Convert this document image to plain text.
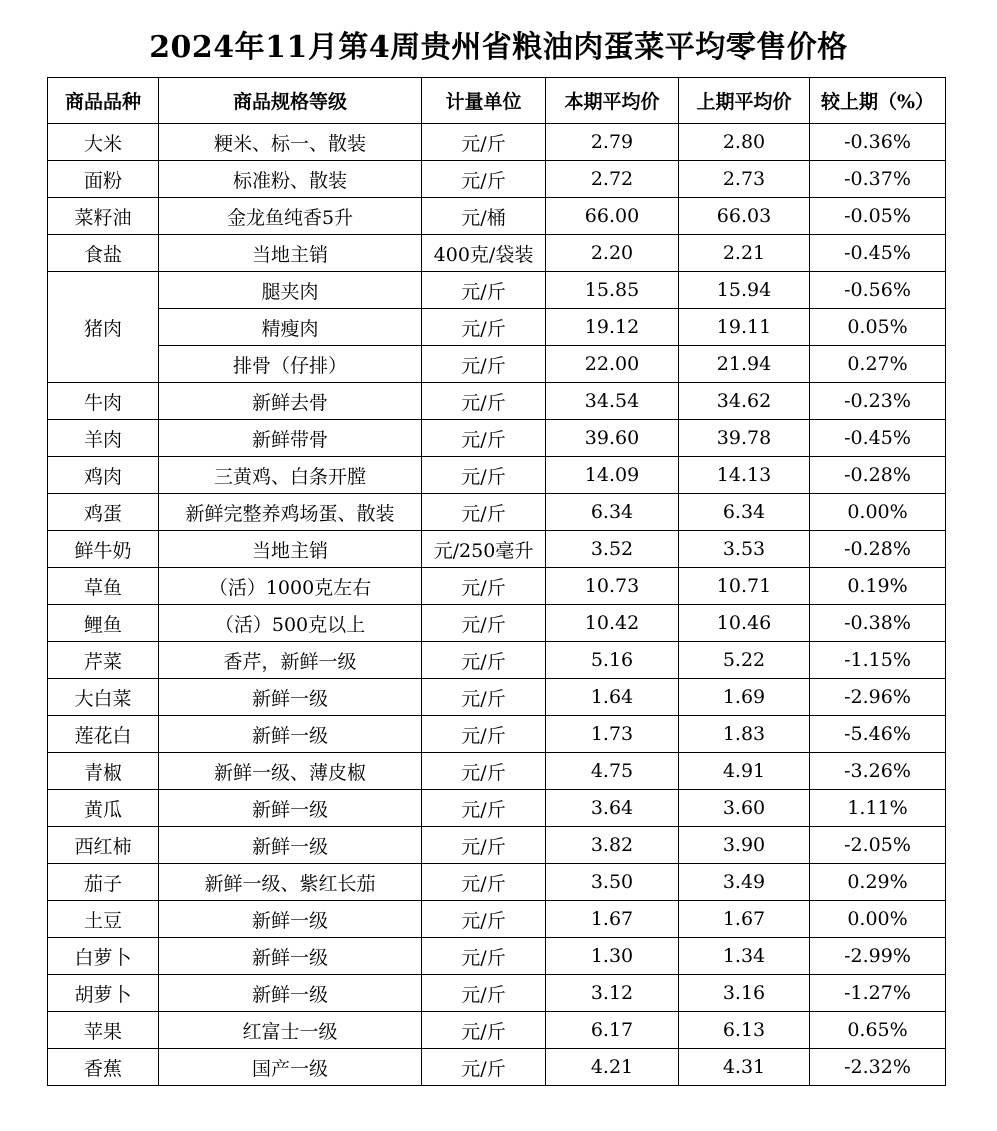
2024年11月第4周贵州省粮油肉蛋菜平均零售价格
商品品种	商品规格等级	计量单位	本期平均价	上期平均价	较上期（%）
大米	粳米、标一、散装	元/斤	2.79	2.80	-0.36%
面粉	标准粉、散装	元/斤	2.72	2.73	-0.37%
菜籽油	金龙鱼纯香5升	元/桶	66.00	66.03	-0.05%
食盐	当地主销	400克/袋装	2.20	2.21	-0.45%
猪肉	腿夹肉	元/斤	15.85	15.94	-0.56%
	精瘦肉	元/斤	19.12	19.11	0.05%
	排骨（仔排）	元/斤	22.00	21.94	0.27%
牛肉	新鲜去骨	元/斤	34.54	34.62	-0.23%
羊肉	新鲜带骨	元/斤	39.60	39.78	-0.45%
鸡肉	三黄鸡、白条开膛	元/斤	14.09	14.13	-0.28%
鸡蛋	新鲜完整养鸡场蛋、散装	元/斤	6.34	6.34	0.00%
鲜牛奶	当地主销	元/250毫升	3.52	3.53	-0.28%
草鱼	（活）1000克左右	元/斤	10.73	10.71	0.19%
鲤鱼	（活）500克以上	元/斤	10.42	10.46	-0.38%
芹菜	香芹，新鲜一级	元/斤	5.16	5.22	-1.15%
大白菜	新鲜一级	元/斤	1.64	1.69	-2.96%
莲花白	新鲜一级	元/斤	1.73	1.83	-5.46%
青椒	新鲜一级、薄皮椒	元/斤	4.75	4.91	-3.26%
黄瓜	新鲜一级	元/斤	3.64	3.60	1.11%
西红柿	新鲜一级	元/斤	3.82	3.90	-2.05%
茄子	新鲜一级、紫红长茄	元/斤	3.50	3.49	0.29%
土豆	新鲜一级	元/斤	1.67	1.67	0.00%
白萝卜	新鲜一级	元/斤	1.30	1.34	-2.99%
胡萝卜	新鲜一级	元/斤	3.12	3.16	-1.27%
苹果	红富士一级	元/斤	6.17	6.13	0.65%
香蕉	国产一级	元/斤	4.21	4.31	-2.32%
